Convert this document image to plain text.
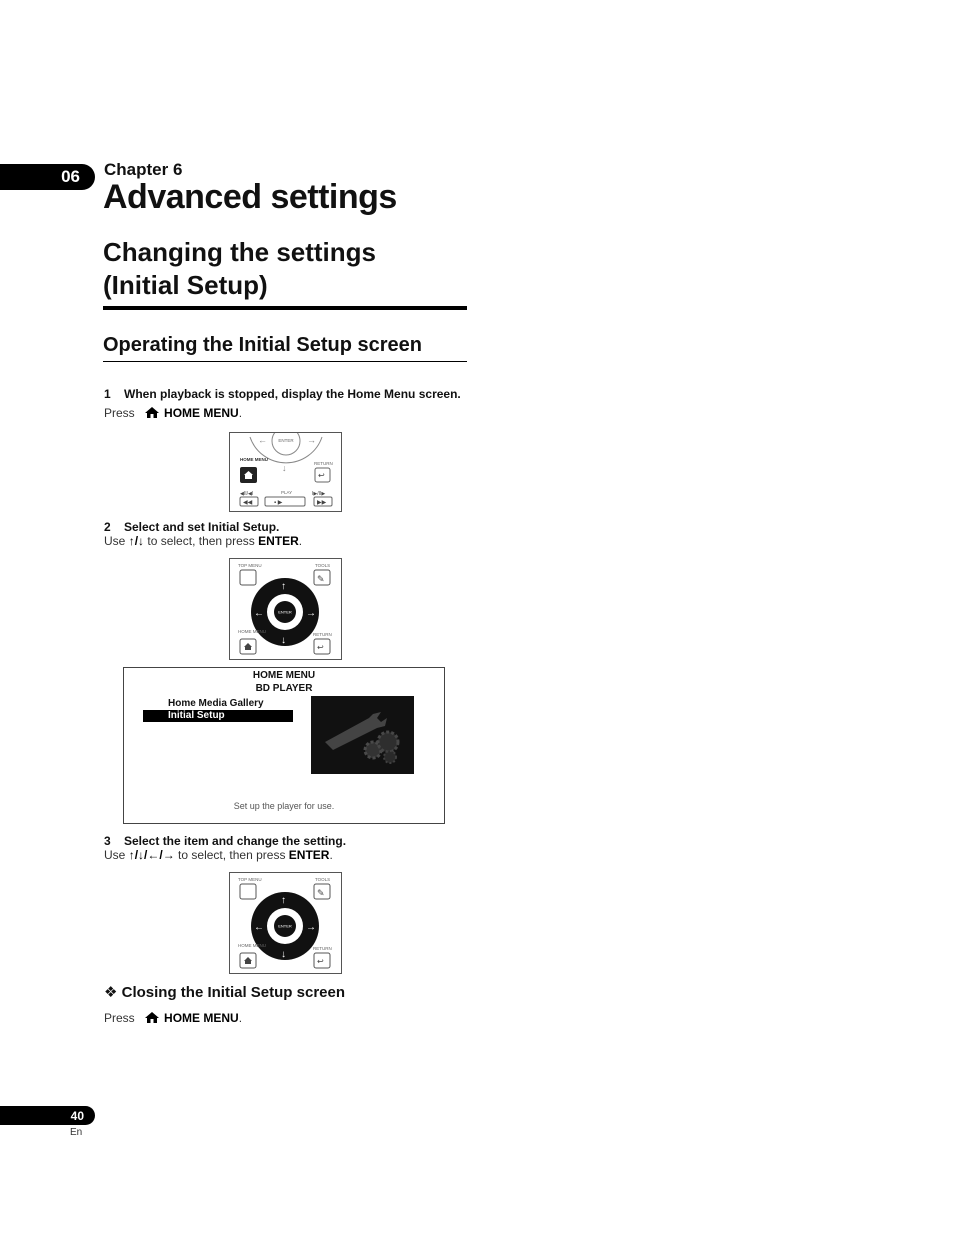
06 Chapter 6
Advanced settings
Changing the settings
(Initial Setup)
Operating the Initial Setup screen
1 When playback is stopped, display the Home Menu screen.
Press HOME MENU.
ENTER
←	→
↓
HOME MENU
RETURN
↩
PLAY
◀II/◀I	I▶/II▶
◀◀	▪ ▶	▶▶
2 Select and set Initial Setup.
Use ↑/↓ to select, then press ENTER.
TOP MENU	TOOLS
✎
ENTER
↑
↓
←	→
HOME MENU
RETURN
↩
HOME MENU
BD PLAYER
Home Media Gallery
Initial Setup
Set up the player for use.
3 Select the item and change the setting.
Use ↑/↓/←/→ to select, then press ENTER.
TOP MENU	TOOLS
✎
ENTER
↑
↓
←	→
HOME MENU
RETURN
↩
❖ Closing the Initial Setup screen
Press HOME MENU.
40
En
